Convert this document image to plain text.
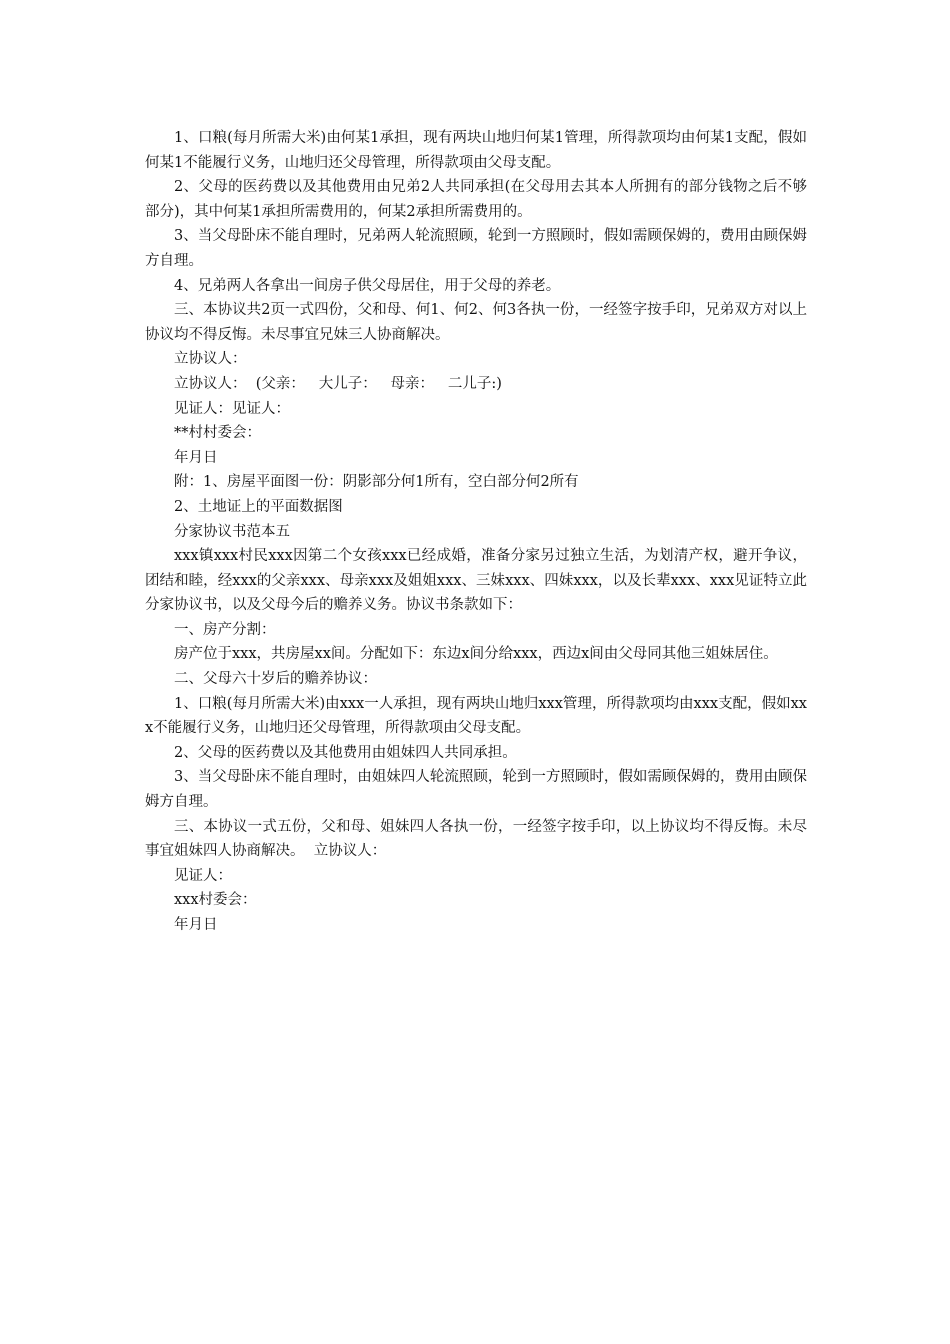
1、口粮(每月所需大米)由何某1承担，现有两块山地归何某1管理，所得款项均由何某1支配，假如何某1不能履行义务，山地归还父母管理，所得款项由父母支配。

2、父母的医药费以及其他费用由兄弟2人共同承担(在父母用去其本人所拥有的部分钱物之后不够部分)，其中何某1承担所需费用的，何某2承担所需费用的。

3、当父母卧床不能自理时，兄弟两人轮流照顾，轮到一方照顾时，假如需顾保姆的，费用由顾保姆方自理。

4、兄弟两人各拿出一间房子供父母居住，用于父母的养老。

三、本协议共2页一式四份，父和母、何1、何2、何3各执一份，一经签字按手印，兄弟双方对以上协议均不得反悔。未尽事宜兄妹三人协商解决。

立协议人：

立协议人：  (父亲：   大儿子：   母亲：   二儿子:)

见证人：见证人：

**村村委会：

年月日

附：1、房屋平面图一份：阴影部分何1所有，空白部分何2所有

2、土地证上的平面数据图

分家协议书范本五

xxx镇xxx村民xxx因第二个女孩xxx已经成婚，准备分家另过独立生活，为划清产权，避开争议，团结和睦，经xxx的父亲xxx、母亲xxx及姐姐xxx、三妹xxx、四妹xxx，以及长辈xxx、xxx见证特立此分家协议书，以及父母今后的赡养义务。协议书条款如下：

一、房产分割：

房产位于xxx，共房屋xx间。分配如下：东边x间分给xxx，西边x间由父母同其他三姐妹居住。

二、父母六十岁后的赡养协议：

1、口粮(每月所需大米)由xxx一人承担，现有两块山地归xxx管理，所得款项均由xxx支配，假如xxx不能履行义务，山地归还父母管理，所得款项由父母支配。

2、父母的医药费以及其他费用由姐妹四人共同承担。

3、当父母卧床不能自理时，由姐妹四人轮流照顾，轮到一方照顾时，假如需顾保姆的，费用由顾保姆方自理。

三、本协议一式五份，父和母、姐妹四人各执一份，一经签字按手印，以上协议均不得反悔。未尽事宜姐妹四人协商解决。  立协议人：

见证人：

xxx村委会：

年月日
